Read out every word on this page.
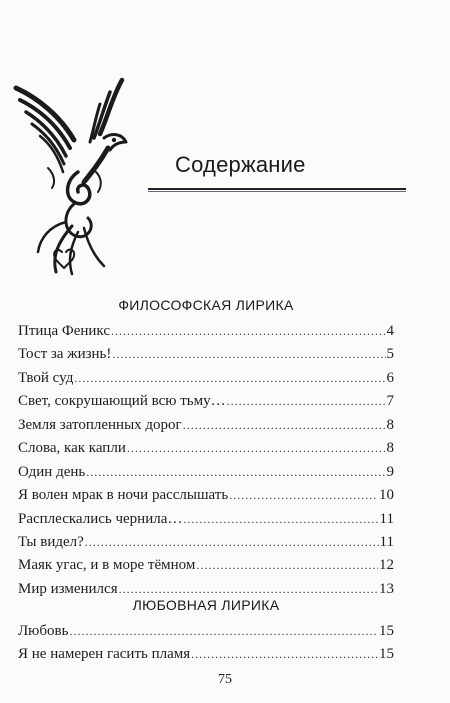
Содержание
ФИЛОСОФСКАЯ ЛИРИКА
Птица Феникс .....	4
Тост за жизнь! .....	5
Твой суд .....	6
Свет, сокрушающий всю тьму… .....	7
Земля затопленных дорог .....	8
Слова, как капли .....	8
Один день .....	9
Я волен мрак в ночи расслышать .....	10
Расплескались чернила… .....	11
Ты видел? .....	11
Маяк угас, и в море тёмном .....	12
Мир изменился .....	13
ЛЮБОВНАЯ ЛИРИКА
Любовь .....	15
Я не намерен гасить пламя .....	15
75
